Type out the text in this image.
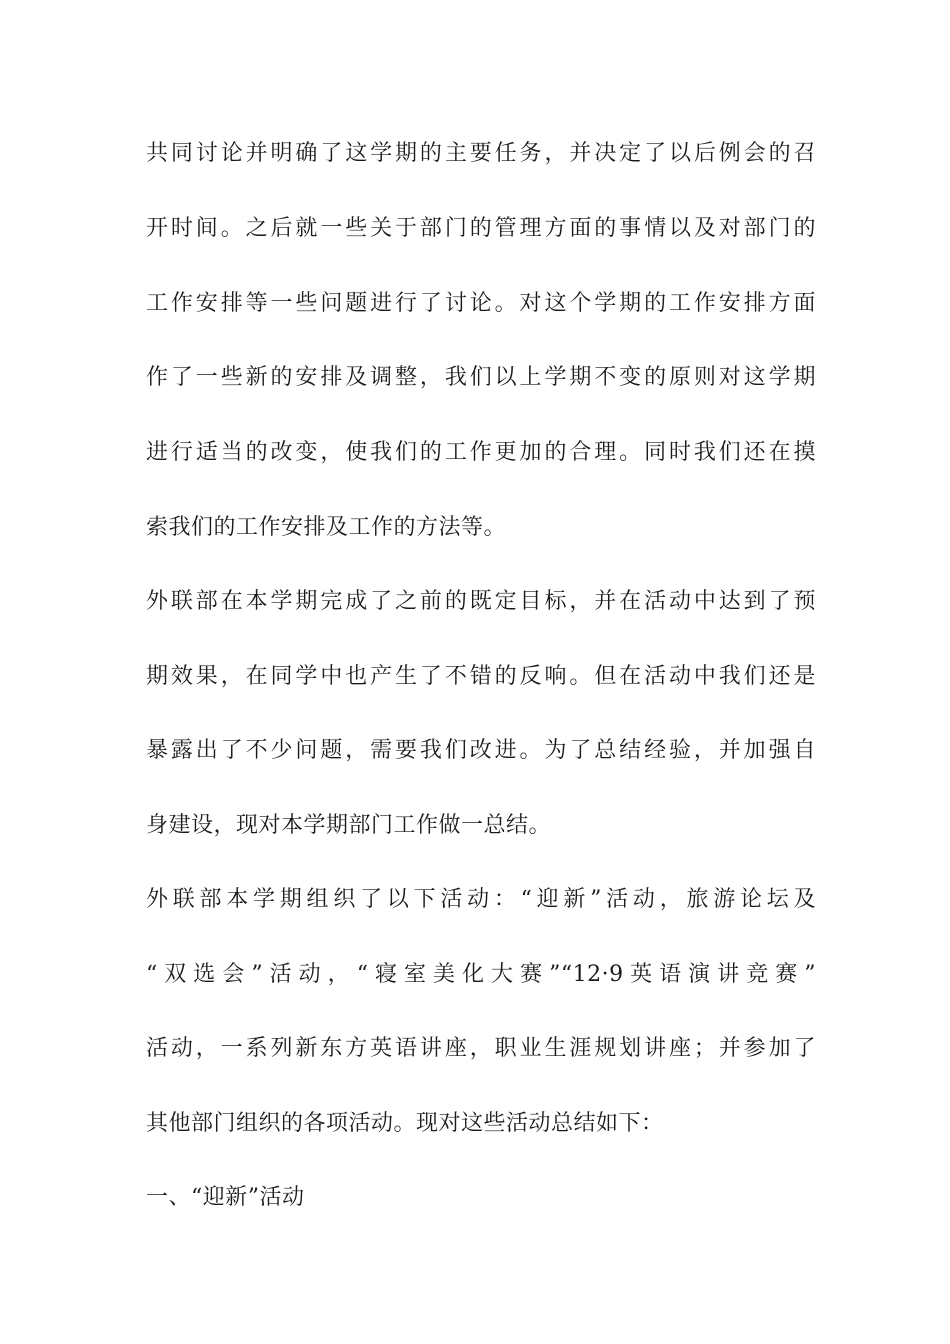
共同讨论并明确了这学期的主要任务，并决定了以后例会的召
开时间。之后就一些关于部门的管理方面的事情以及对部门的
工作安排等一些问题进行了讨论。对这个学期的工作安排方面
作了一些新的安排及调整，我们以上学期不变的原则对这学期
进行适当的改变，使我们的工作更加的合理。同时我们还在摸
索我们的工作安排及工作的方法等。
外联部在本学期完成了之前的既定目标，并在活动中达到了预
期效果，在同学中也产生了不错的反响。但在活动中我们还是
暴露出了不少问题，需要我们改进。为了总结经验，并加强自
身建设，现对本学期部门工作做一总结。
外联部本学期组织了以下活动：“迎新”活动，旅游论坛及
“双选会”活动，“寝室美化大赛”“12·9英语演讲竞赛”
活动，一系列新东方英语讲座，职业生涯规划讲座；并参加了
其他部门组织的各项活动。现对这些活动总结如下：
一、“迎新”活动
